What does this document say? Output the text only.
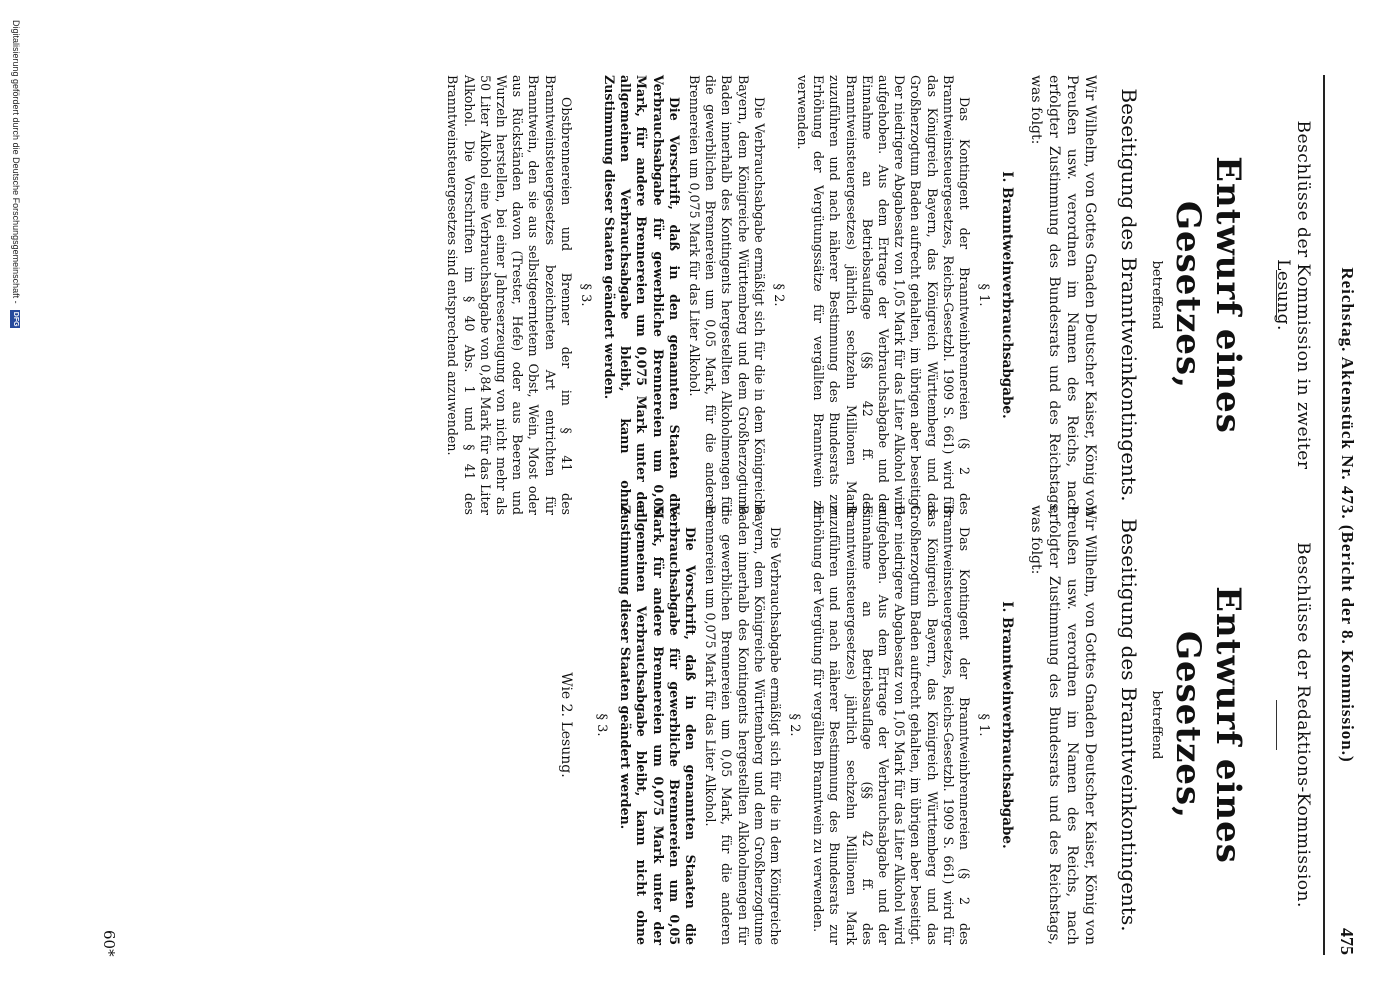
Reichstag. Aktenstück Nr. 473. (Bericht der 8. Kommission.)
475
Beschlüsse der Kommission in zweiter Lesung.
Entwurf eines Gesetzes,
betreffend
Beseitigung des Branntweinkontingents.

Wir Wilhelm, von Gottes Gnaden Deutscher Kaiser, König von Preußen usw. verordnen im Namen des Reichs, nach erfolgter Zustimmung des Bundesrats und des Reichstags, was folgt:

I. Branntweinverbrauchsabgabe.
§ 1.

Das Kontingent der Branntweinbrennereien (§ 2 des Branntweinsteuergesetzes, Reichs-Gesetzbl. 1909 S. 661) wird für das Königreich Bayern, das Königreich Württemberg und das Großherzogtum Baden aufrecht gehalten, im übrigen aber beseitigt. Der niedrigere Abgabesatz von 1,05 Mark für das Liter Alkohol wird aufgehoben. Aus dem Ertrage der Verbrauchsabgabe und der Einnahme an Betriebsauflage (§§ 42 ff. des Branntweinsteuergesetzes) jährlich sechzehn Millionen Mark zuzuführen und nach näherer Bestimmung des Bundesrats zur Erhöhung der Vergütungssätze für vergällten Branntwein zu verwenden.

§ 2.

Die Verbrauchsabgabe ermäßigt sich für die in dem Königreiche Bayern, dem Königreiche Württemberg und dem Großherzogtume Baden innerhalb des Kontingents hergestellten Alkoholmengen für die gewerblichen Brennereien um 0,05 Mark, für die anderen Brennereien um 0,075 Mark für das Liter Alkohol.

Die Vorschrift, daß in den genannten Staaten die Verbrauchsabgabe für gewerbliche Brennereien um 0,05 Mark, für andere Brennereien um 0,075 Mark unter der allgemeinen Verbrauchsabgabe bleibt, kann ohne Zustimmung dieser Staaten geändert werden.

§ 3.

Obstbrennereien und Brenner der im § 41 des Branntweinsteuergesetzes bezeichneten Art entrichten für Branntwein, den sie aus selbstgeerntetem Obst, Wein, Most oder aus Rückständen davon (Trester, Hefe) oder aus Beeren und Wurzeln herstellen, bei einer Jahreserzeugung von nicht mehr als 50 Liter Alkohol eine Verbrauchsabgabe von 0,84 Mark für das Liter Alkohol. Die Vorschriften im § 40 Abs. 1 und § 41 des Branntweinsteuergesetzes sind entsprechend anzuwenden.

Beschlüsse der Redaktions-Kommission.
Entwurf eines Gesetzes,
betreffend
Beseitigung des Branntweinkontingents.

Wir Wilhelm, von Gottes Gnaden Deutscher Kaiser, König von Preußen usw. verordnen im Namen des Reichs, nach erfolgter Zustimmung des Bundesrats und des Reichstags, was folgt:

I. Branntweinverbrauchsabgabe.
§ 1.

Das Kontingent der Branntweinbrennereien (§ 2 des Branntweinsteuergesetzes, Reichs-Gesetzbl. 1909 S. 661) wird für das Königreich Bayern, das Königreich Württemberg und das Großherzogtum Baden aufrecht gehalten, im übrigen aber beseitigt. Der niedrigere Abgabesatz von 1,05 Mark für das Liter Alkohol wird aufgehoben. Aus dem Ertrage der Verbrauchsabgabe und der Einnahme an Betriebsauflage (§§ 42 ff. des Branntweinsteuergesetzes) jährlich sechzehn Millionen Mark zuzuführen und nach näherer Bestimmung des Bundesrats zur Erhöhung der Vergütung für vergällten Branntwein zu verwenden.

§ 2.

Die Verbrauchsabgabe ermäßigt sich für die in dem Königreiche Bayern, dem Königreiche Württemberg und dem Großherzogtume Baden innerhalb des Kontingents hergestellten Alkoholmengen für die gewerblichen Brennereien um 0,05 Mark, für die anderen Brennereien um 0,075 Mark für das Liter Alkohol.

Die Vorschrift, daß in den genannten Staaten die Verbrauchsabgabe für gewerbliche Brennereien um 0,05 Mark, für andere Brennereien um 0,075 Mark unter der allgemeinen Verbrauchsabgabe bleibt, kann nicht ohne Zustimmung dieser Staaten geändert werden.

§ 3.
Wie 2. Lesung.
60*
Digitalisierung gefördert durch die Deutsche Forschungsgemeinschaft - DFG
